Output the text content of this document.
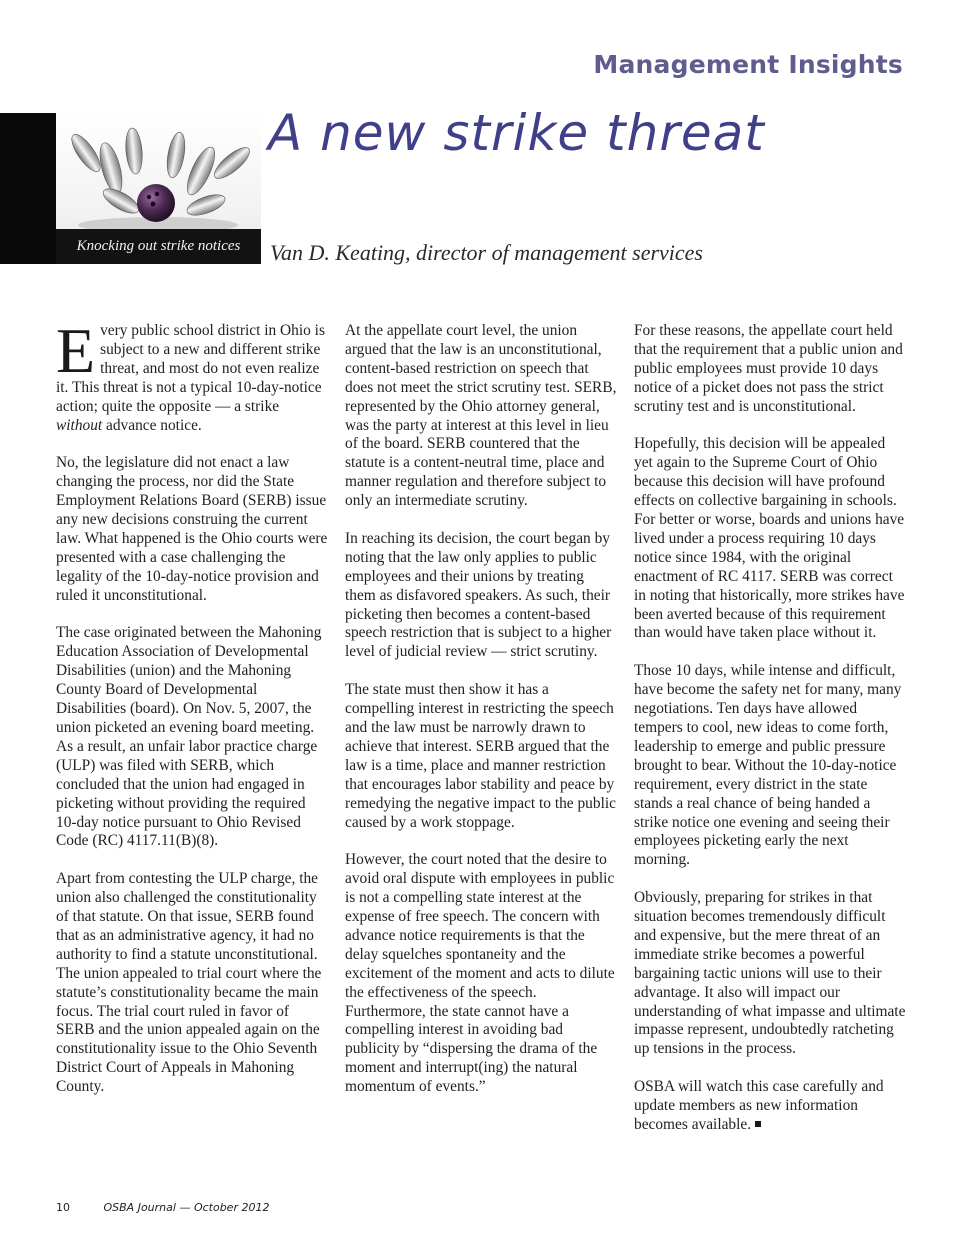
Management Insights
Knocking out strike notices
A new strike threat
Van D. Keating, director of management services

Every public school district in Ohio is subject to a new and different strike threat, and most do not even realize it. This threat is not a typical 10-day-notice action; quite the opposite — a strike without advance notice.

No, the legislature did not enact a law changing the process, nor did the State Employment Relations Board (SERB) issue any new decisions construing the current law. What happened is the Ohio courts were presented with a case challenging the legality of the 10-day-notice provision and ruled it unconstitutional.

The case originated between the Mahoning Education Association of Developmental Disabilities (union) and the Mahoning County Board of Developmental Disabilities (board). On Nov. 5, 2007, the union picketed an evening board meeting. As a result, an unfair labor practice charge (ULP) was filed with SERB, which concluded that the union had engaged in picketing without providing the required 10-day notice pursuant to Ohio Revised Code (RC) 4117.11(B)(8).

Apart from contesting the ULP charge, the union also challenged the constitutionality of that statute. On that issue, SERB found that as an administrative agency, it had no authority to find a statute unconstitutional. The union appealed to trial court where the statute’s constitutionality became the main focus. The trial court ruled in favor of SERB and the union appealed again on the constitutionality issue to the Ohio Seventh District Court of Appeals in Mahoning County.

At the appellate court level, the union argued that the law is an unconstitutional, content-based restriction on speech that does not meet the strict scrutiny test. SERB, represented by the Ohio attorney general, was the party at interest at this level in lieu of the board. SERB countered that the statute is a content-neutral time, place and manner regulation and therefore subject to only an intermediate scrutiny.

In reaching its decision, the court began by noting that the law only applies to public employees and their unions by treating them as disfavored speakers. As such, their picketing then becomes a content-based speech restriction that is subject to a higher level of judicial review — strict scrutiny.

The state must then show it has a compelling interest in restricting the speech and the law must be narrowly drawn to achieve that interest. SERB argued that the law is a time, place and manner restriction that encourages labor stability and peace by remedying the negative impact to the public caused by a work stoppage.

However, the court noted that the desire to avoid oral dispute with employees in public is not a compelling state interest at the expense of free speech. The concern with advance notice requirements is that the delay squelches spontaneity and the excitement of the moment and acts to dilute the effectiveness of the speech. Furthermore, the state cannot have a compelling interest in avoiding bad publicity by “dispersing the drama of the moment and interrupt(ing) the natural momentum of events.”

For these reasons, the appellate court held that the requirement that a public union and public employees must provide 10 days notice of a picket does not pass the strict scrutiny test and is unconstitutional.

Hopefully, this decision will be appealed yet again to the Supreme Court of Ohio because this decision will have profound effects on collective bargaining in schools. For better or worse, boards and unions have lived under a process requiring 10 days notice since 1984, with the original enactment of RC 4117. SERB was correct in noting that historically, more strikes have been averted because of this requirement than would have taken place without it.

Those 10 days, while intense and difficult, have become the safety net for many, many negotiations. Ten days have allowed tempers to cool, new ideas to come forth, leadership to emerge and public pressure brought to bear. Without the 10-day-notice requirement, every district in the state stands a real chance of being handed a strike notice one evening and seeing their employees picketing early the next morning.

Obviously, preparing for strikes in that situation becomes tremendously difficult and expensive, but the mere threat of an immediate strike becomes a powerful bargaining tactic unions will use to their advantage. It also will impact our understanding of what impasse and ultimate impasse represent, undoubtedly ratcheting up tensions in the process.

OSBA will watch this case carefully and update members as new information becomes available.

10	OSBA Journal — October 2012
